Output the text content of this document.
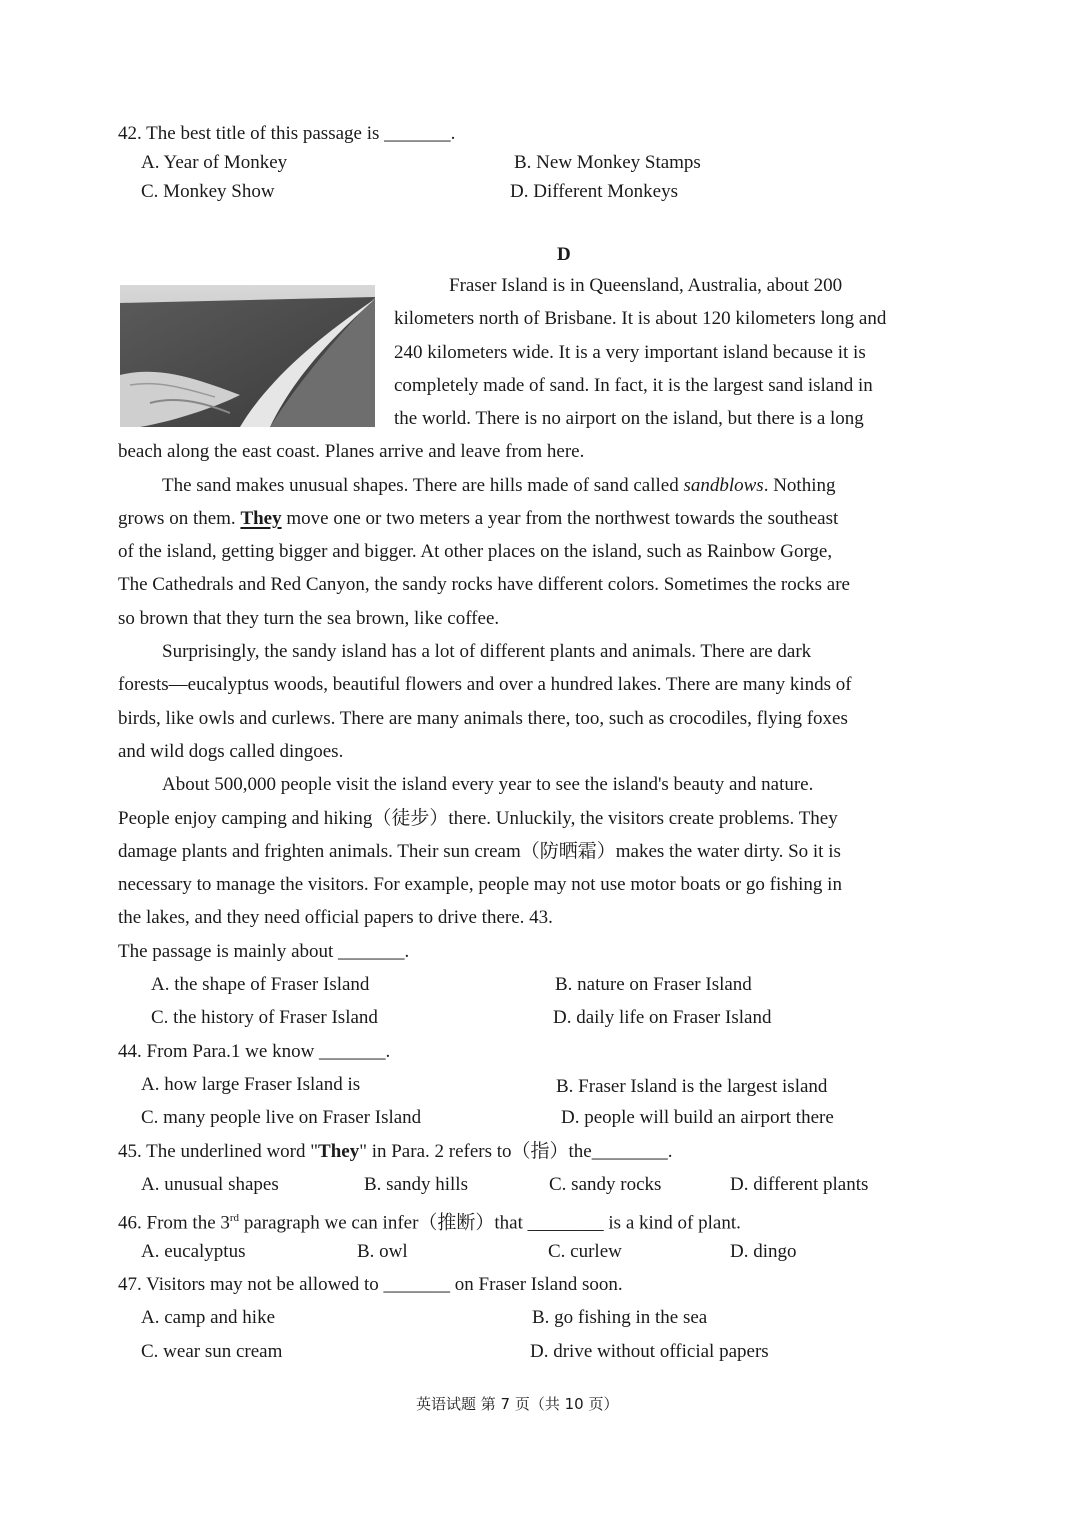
42. The best title of this passage is _______.
A. Year of Monkey	B. New Monkey Stamps
C. Monkey Show	D. Different Monkeys
D
Fraser Island is in Queensland, Australia, about 200
kilometers north of Brisbane. It is about 120 kilometers long and
240 kilometers wide. It is a very important island because it is
completely made of sand. In fact, it is the largest sand island in
the world. There is no airport on the island, but there is a long
beach along the east coast. Planes arrive and leave from here.
The sand makes unusual shapes. There are hills made of sand called sandblows. Nothing
grows on them. They move one or two meters a year from the northwest towards the southeast
of the island, getting bigger and bigger. At other places on the island, such as Rainbow Gorge,
The Cathedrals and Red Canyon, the sandy rocks have different colors. Sometimes the rocks are
so brown that they turn the sea brown, like coffee.
Surprisingly, the sandy island has a lot of different plants and animals. There are dark
forests—eucalyptus woods, beautiful flowers and over a hundred lakes. There are many kinds of
birds, like owls and curlews. There are many animals there, too, such as crocodiles, flying foxes
and wild dogs called dingoes.
About 500,000 people visit the island every year to see the island's beauty and nature.
People enjoy camping and hiking（徒步）there. Unluckily, the visitors create problems. They
damage plants and frighten animals. Their sun cream（防晒霜）makes the water dirty. So it is
necessary to manage the visitors. For example, people may not use motor boats or go fishing in
the lakes, and they need official papers to drive there. 43.
The passage is mainly about _______.
A. the shape of Fraser Island	B. nature on Fraser Island
C. the history of Fraser Island	D. daily life on Fraser Island
44. From Para.1 we know _______.
A. how large Fraser Island is	B. Fraser Island is the largest island
C. many people live on Fraser Island	D. people will build an airport there
45. The underlined word "They" in Para. 2 refers to（指）the________.
A. unusual shapes	B. sandy hills	C. sandy rocks	D. different plants
46. From the 3rd paragraph we can infer（推断）that ________ is a kind of plant.
A. eucalyptus	B. owl	C. curlew	D. dingo
47. Visitors may not be allowed to _______ on Fraser Island soon.
A. camp and hike	B. go fishing in the sea
C. wear sun cream	D. drive without official papers
英语试题 第 7 页（共 10 页）
